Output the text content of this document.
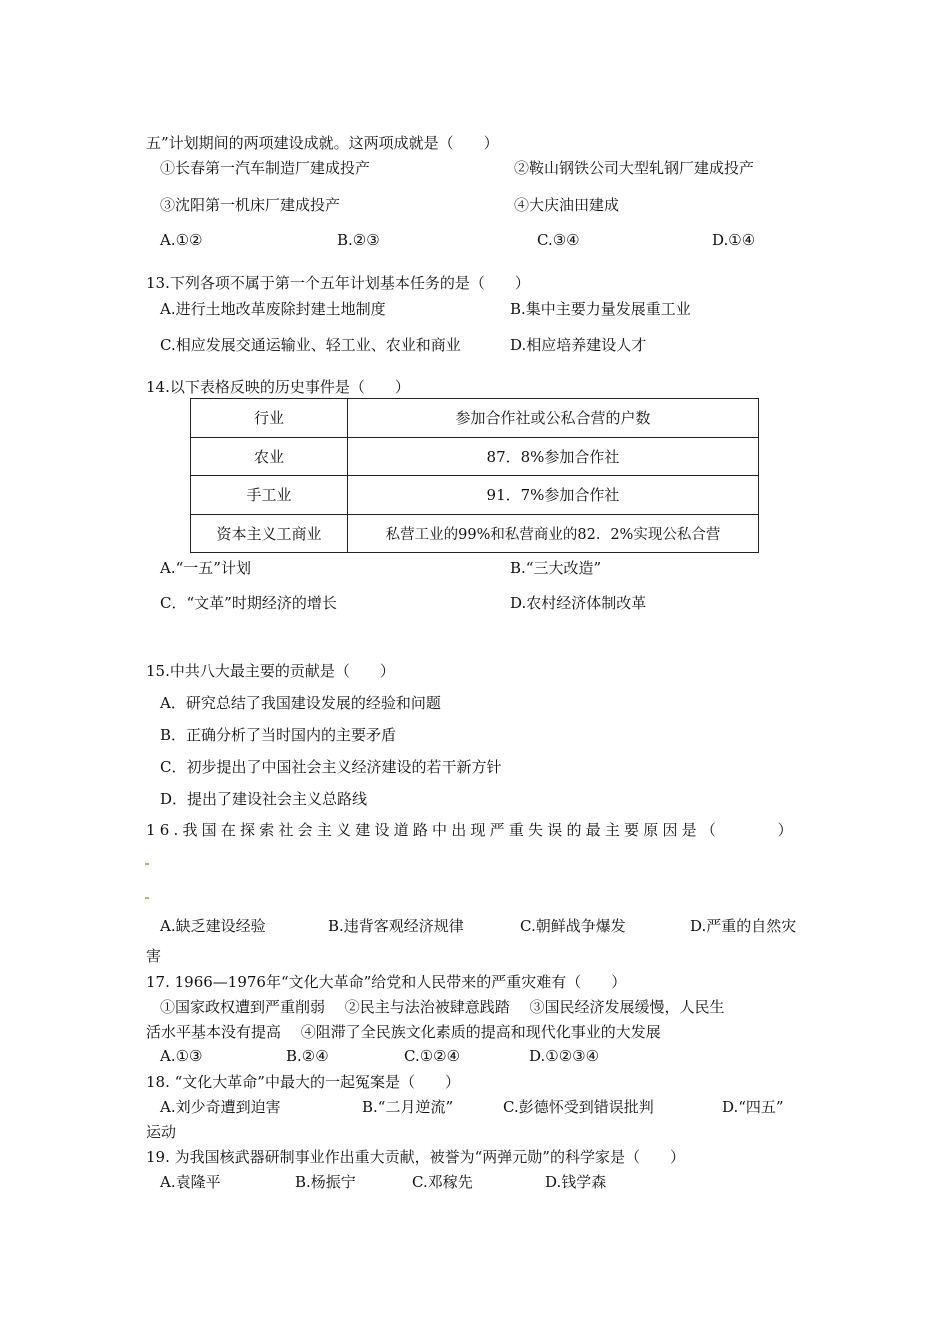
五”计划期间的两项建设成就。这两项成就是（　　）
①长春第一汽车制造厂建成投产	②鞍山钢铁公司大型轧钢厂建成投产
③沈阳第一机床厂建成投产	④大庆油田建成
A.①②	B.②③	C.③④	D.①④
13.下列各项不属于第一个五年计划基本任务的是（　　）
A.进行土地改革废除封建土地制度	B.集中主要力量发展重工业
C.相应发展交通运输业、轻工业、农业和商业	D.相应培养建设人才
14.以下表格反映的历史事件是（　　）
行业	参加合作社或公私合营的户数
农业	87．8%参加合作社
手工业	91．7%参加合作社
资本主义工商业	私营工业的99%和私营商业的82．2%实现公私合营
A.“一五”计划	B.“三大改造”
C．“文革”时期经济的增长	D.农村经济体制改革
15.中共八大最主要的贡献是（　　）
A．研究总结了我国建设发展的经验和问题
B．正确分析了当时国内的主要矛盾
C．初步提出了中国社会主义经济建设的若干新方针
D．提出了建设社会主义总路线
16.我国在探索社会主义建设道路中出现严重失误的最主要原因是（　　　）
A.缺乏建设经验	B.违背客观经济规律	C.朝鲜战争爆发	D.严重的自然灾
害
17. 1966—1976年“文化大革命”给党和人民带来的严重灾难有（　　）
①国家政权遭到严重削弱　 ②民主与法治被肆意践踏　 ③国民经济发展缓慢，人民生
活水平基本没有提高　 ④阻滞了全民族文化素质的提高和现代化事业的大发展
A.①③	B.②④	C.①②④	D.①②③④
18. “文化大革命”中最大的一起冤案是（　　）
A.刘少奇遭到迫害	B.“二月逆流”	C.彭德怀受到错误批判	D.“四五”
运动
19. 为我国核武器研制事业作出重大贡献，被誉为“两弹元勋”的科学家是（　　）
A.袁隆平	B.杨振宁	C.邓稼先	D.钱学森
